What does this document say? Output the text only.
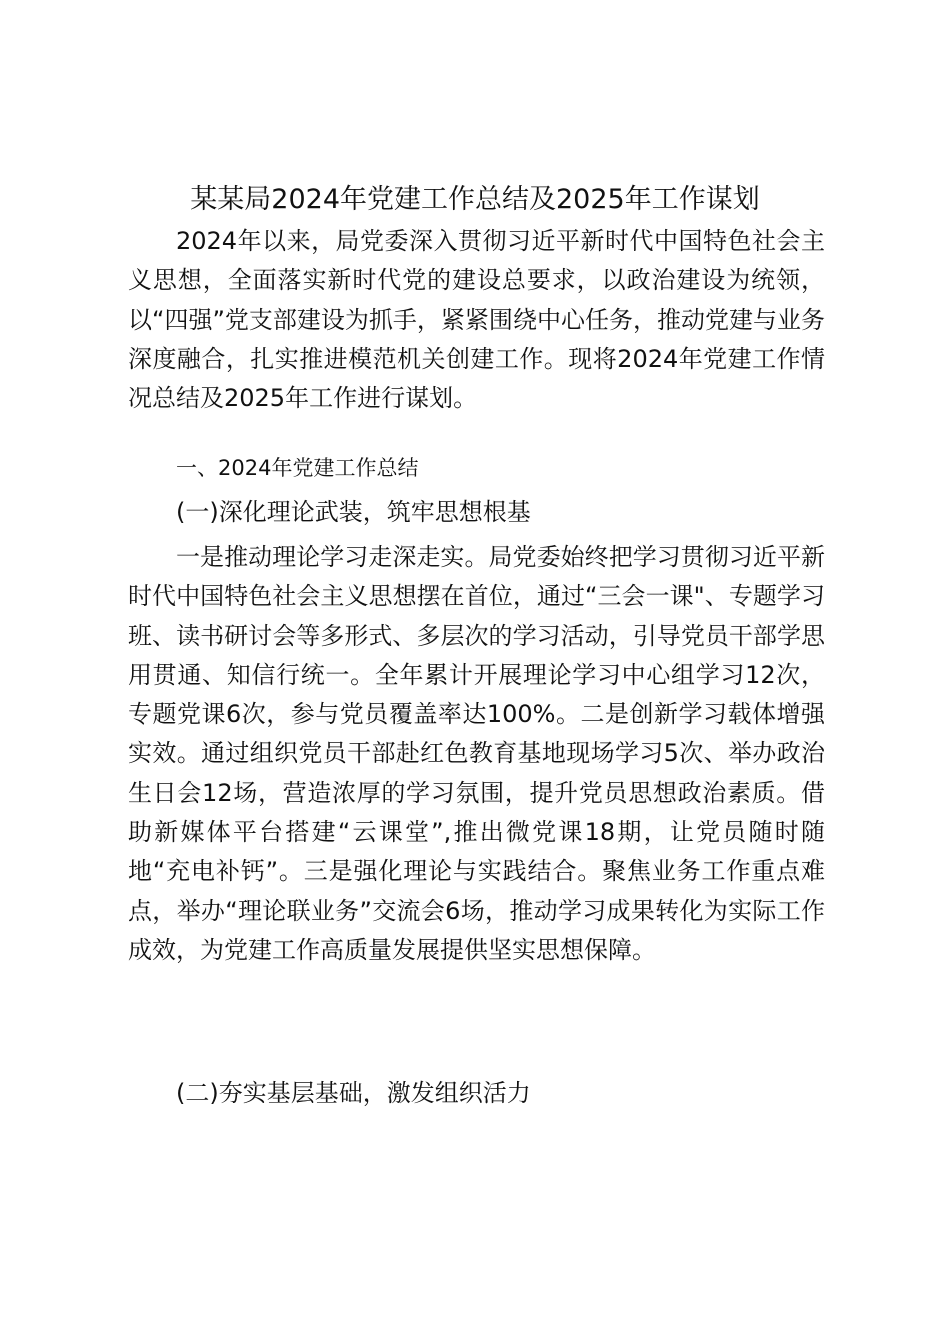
某某局2024年党建工作总结及2025年工作谋划

2024年以来，局党委深入贯彻习近平新时代中国特色社会主义思想，全面落实新时代党的建设总要求，以政治建设为统领，以“四强”党支部建设为抓手，紧紧围绕中心任务，推动党建与业务深度融合，扎实推进模范机关创建工作。现将2024年党建工作情况总结及2025年工作进行谋划。

一、2024年党建工作总结

(一)深化理论武装，筑牢思想根基

一是推动理论学习走深走实。局党委始终把学习贯彻习近平新时代中国特色社会主义思想摆在首位，通过“三会一课"、专题学习班、读书研讨会等多形式、多层次的学习活动，引导党员干部学思用贯通、知信行统一。全年累计开展理论学习中心组学习12次，专题党课6次，参与党员覆盖率达100%。二是创新学习载体增强实效。通过组织党员干部赴红色教育基地现场学习5次、举办政治生日会12场，营造浓厚的学习氛围，提升党员思想政治素质。借助新媒体平台搭建“云课堂”,推出微党课18期，让党员随时随地“充电补钙”。三是强化理论与实践结合。聚焦业务工作重点难点，举办“理论联业务”交流会6场，推动学习成果转化为实际工作成效，为党建工作高质量发展提供坚实思想保障。

(二)夯实基层基础，激发组织活力
